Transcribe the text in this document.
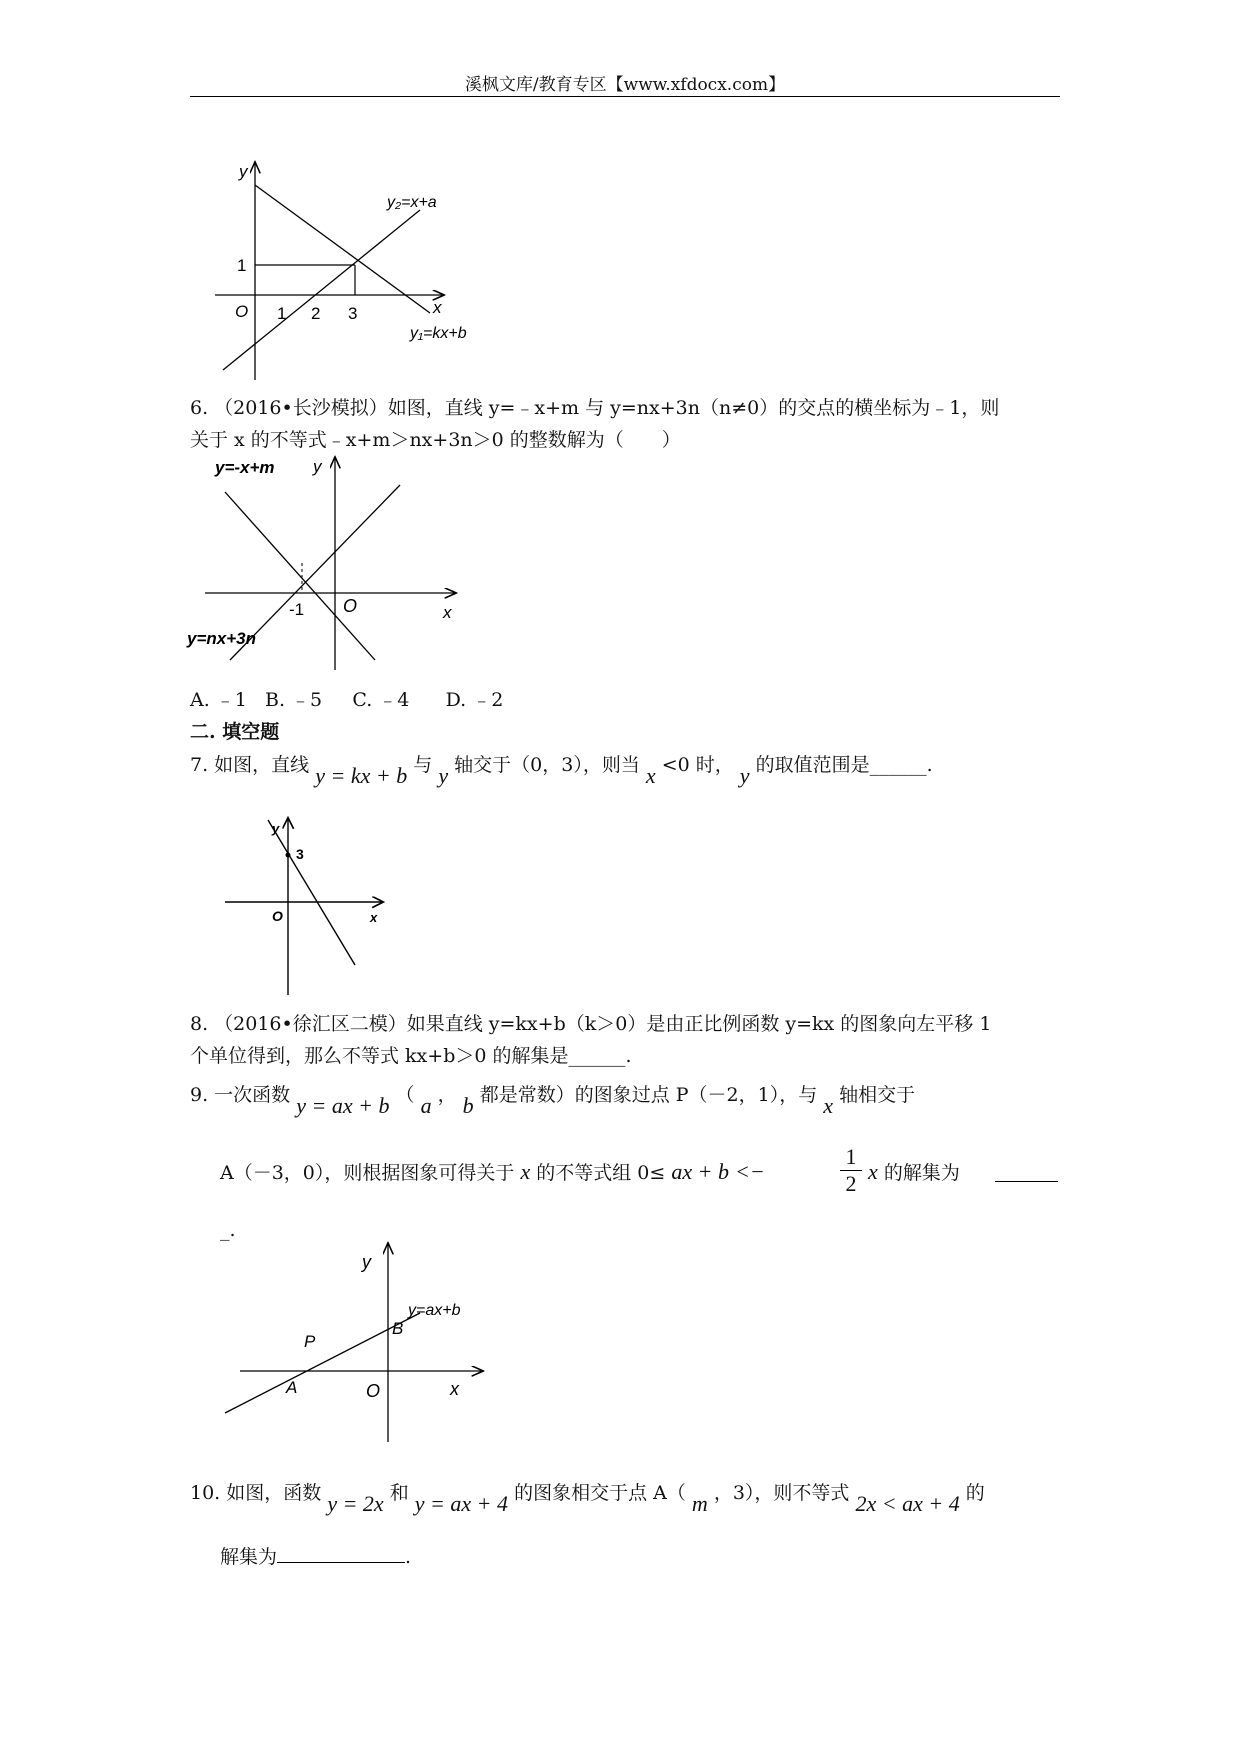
溪枫文库/教育专区【www.xfdocx.com】
y
x
O
1
1 2 3
y₂=x+a
y₁=kx+b
6. （2016•长沙模拟）如图，直线 y=﹣x+m 与 y=nx+3n（n≠0）的交点的横坐标为﹣1，则
关于 x 的不等式﹣x+m＞nx+3n＞0 的整数解为（　　）
y
x
O
-1
y=-x+m
y=nx+3n
A. ﹣1   B. ﹣5     C. ﹣4      D. ﹣2
二. 填空题
7. 如图，直线 y = kx + b 与 y 轴交于（0，3），则当 x <0 时， y 的取值范围是______.
y
x
O
3
8. （2016•徐汇区二模）如果直线 y=kx+b（k＞0）是由正比例函数 y=kx 的图象向左平移 1
个单位得到，那么不等式 kx+b＞0 的解集是______.
9. 一次函数 y = ax + b （ a ， b 都是常数）的图象过点 P（－2，1），与 x 轴相交于
A（－3，0），则根据图象可得关于 x 的不等式组 0≤ ax + b <−
1
2 x 的解集为
_.
y
x
O
A
B
P
y=ax+b
10. 如图，函数 y = 2x 和 y = ax + 4 的图象相交于点 A（ m ，3），则不等式 2x < ax + 4 的
解集为	.
